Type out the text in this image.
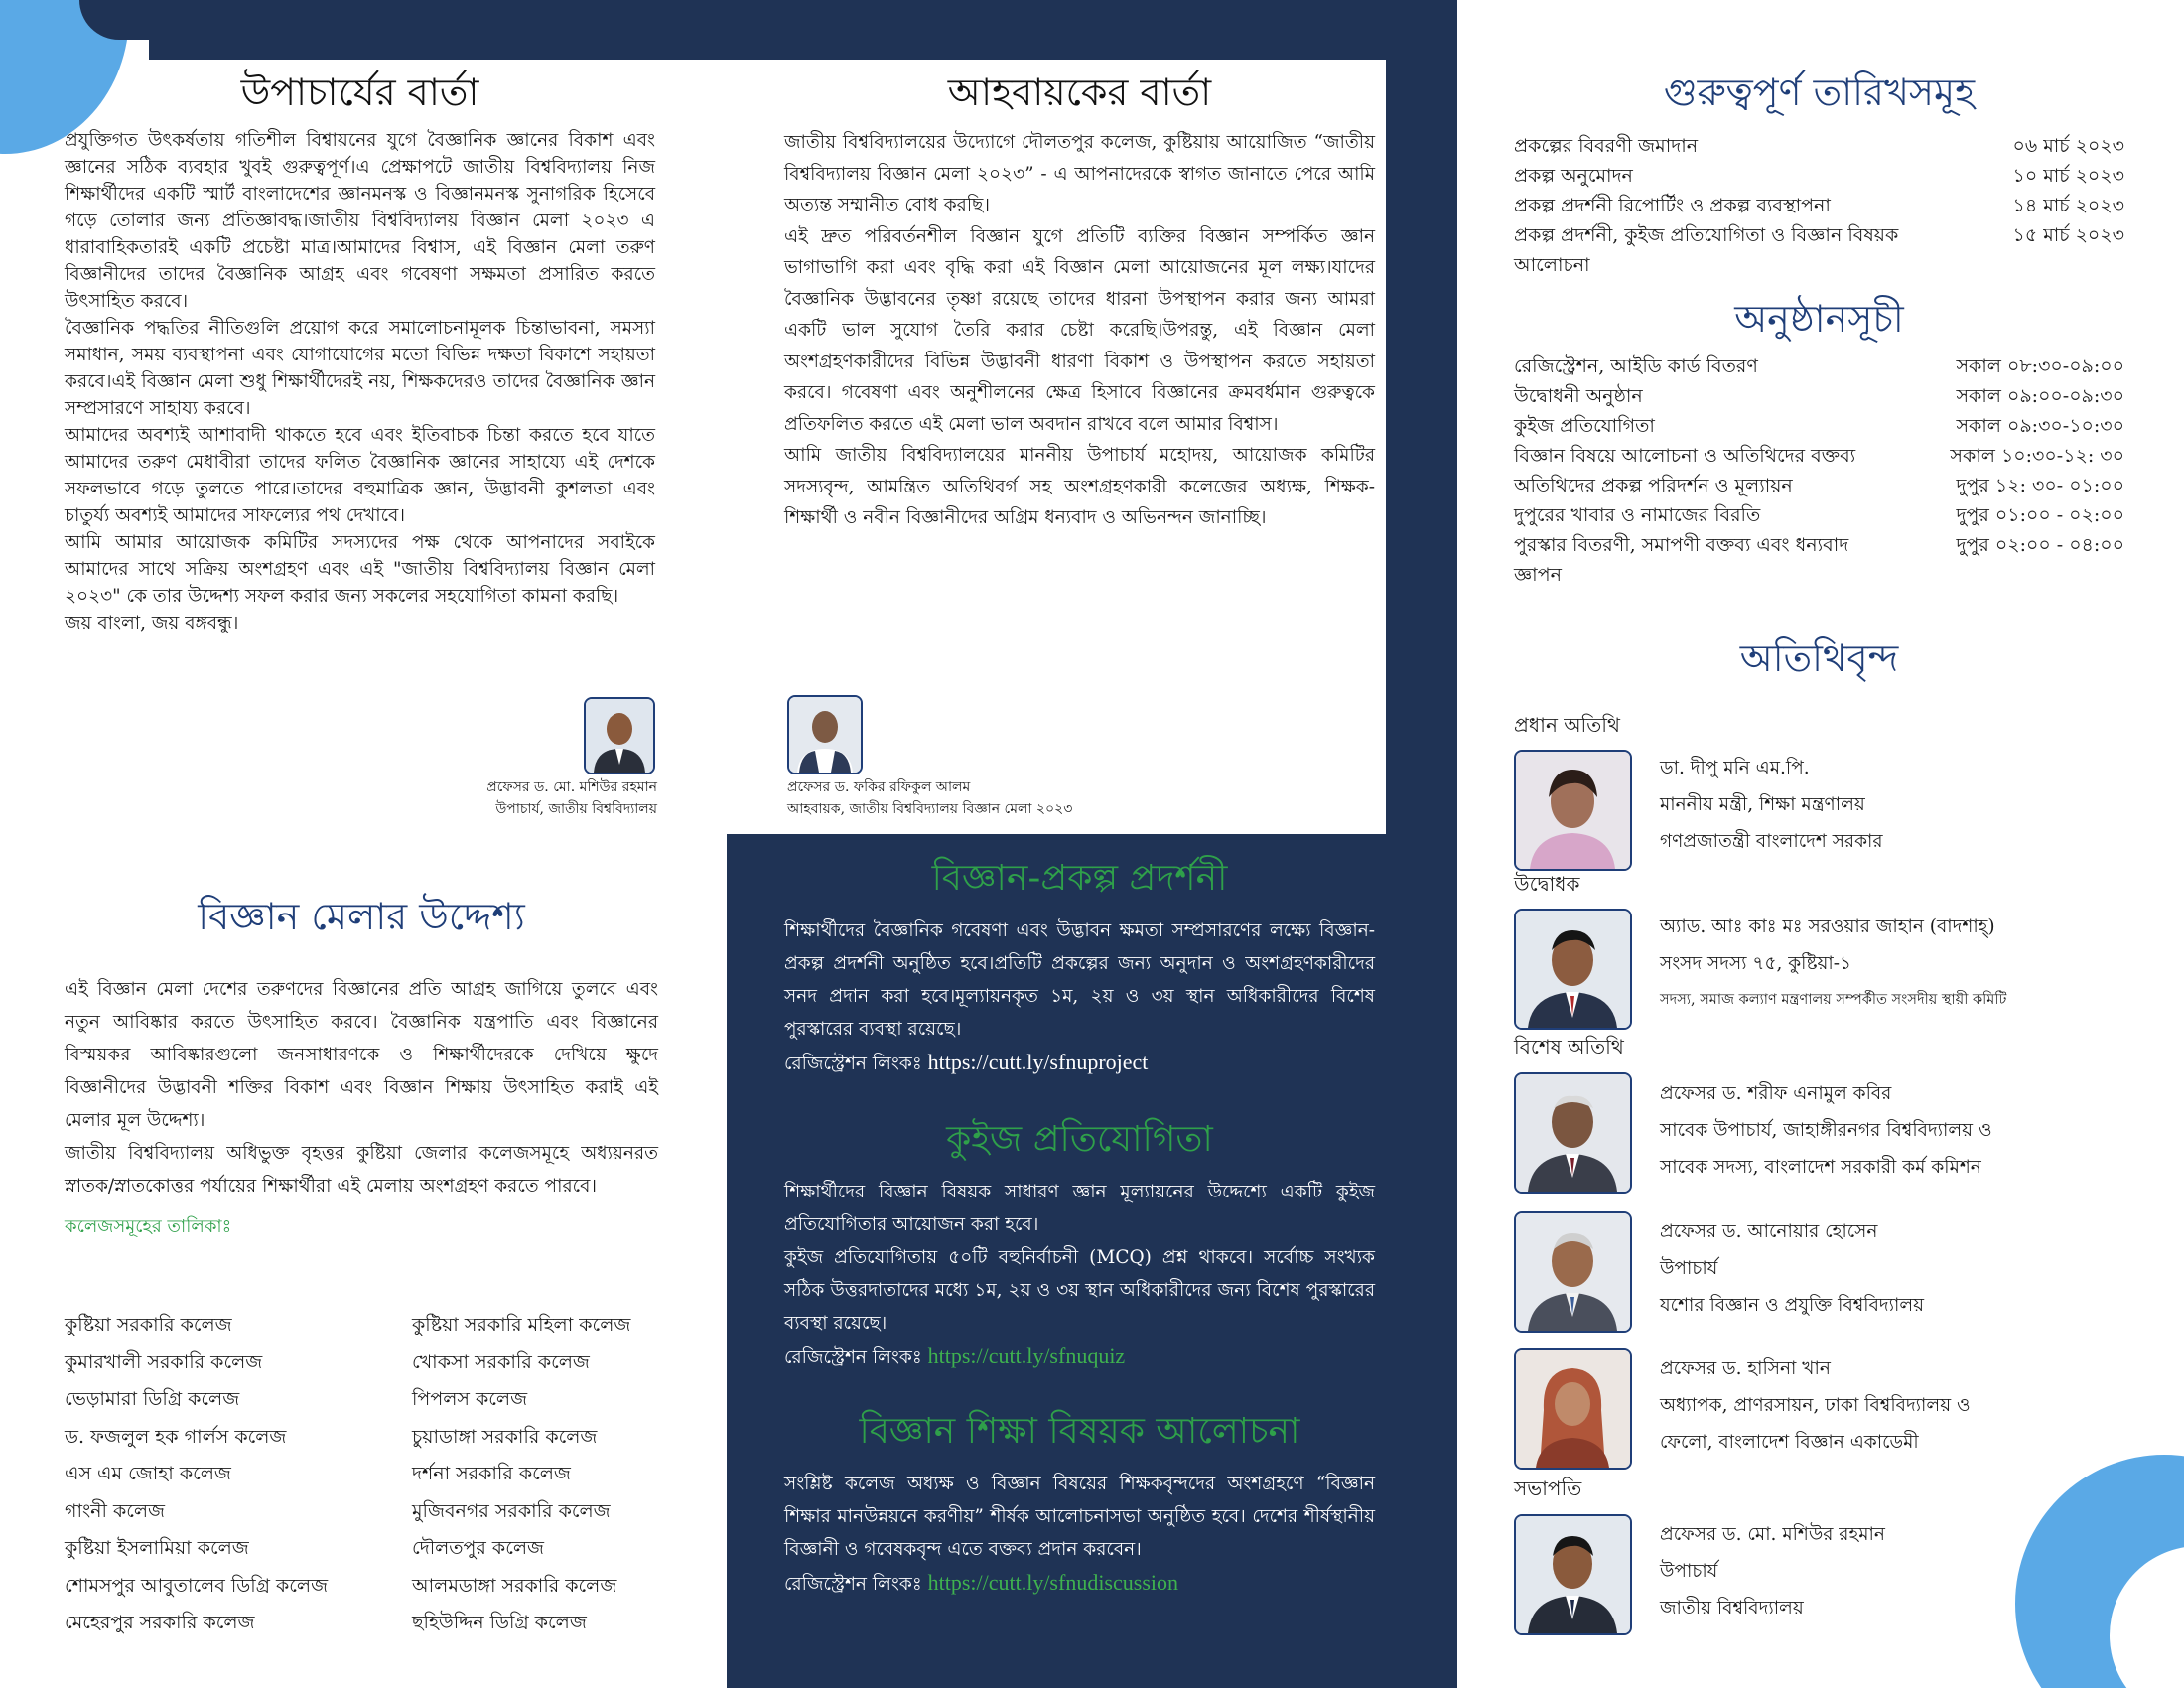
উপাচার্যের বার্তা

প্রযুক্তিগত উৎকর্ষতায় গতিশীল বিশ্বায়নের যুগে বৈজ্ঞানিক জ্ঞানের বিকাশ এবং জ্ঞানের সঠিক ব্যবহার খুবই গুরুত্বপূর্ণ।এ প্রেক্ষাপটে জাতীয় বিশ্ববিদ্যালয় নিজ শিক্ষার্থীদের একটি স্মার্ট বাংলাদেশের জ্ঞানমনস্ক ও বিজ্ঞানমনস্ক সুনাগরিক হিসেবে গড়ে তোলার জন্য প্রতিজ্ঞাবদ্ধ।জাতীয় বিশ্ববিদ্যালয় বিজ্ঞান মেলা ২০২৩ এ ধারাবাহিকতারই একটি প্রচেষ্টা মাত্র।আমাদের বিশ্বাস, এই বিজ্ঞান মেলা তরুণ বিজ্ঞানীদের তাদের বৈজ্ঞানিক আগ্রহ এবং গবেষণা সক্ষমতা প্রসারিত করতে উৎসাহিত করবে।

বৈজ্ঞানিক পদ্ধতির নীতিগুলি প্রয়োগ করে সমালোচনামূলক চিন্তাভাবনা, সমস্যা সমাধান, সময় ব্যবস্থাপনা এবং যোগাযোগের মতো বিভিন্ন দক্ষতা বিকাশে সহায়তা করবে।এই বিজ্ঞান মেলা শুধু শিক্ষার্থীদেরই নয়, শিক্ষকদেরও তাদের বৈজ্ঞানিক জ্ঞান সম্প্রসারণে সাহায্য করবে।

আমাদের অবশ্যই আশাবাদী থাকতে হবে এবং ইতিবাচক চিন্তা করতে হবে যাতে আমাদের তরুণ মেধাবীরা তাদের ফলিত বৈজ্ঞানিক জ্ঞানের সাহায্যে এই দেশকে সফলভাবে গড়ে তুলতে পারে।তাদের বহুমাত্রিক জ্ঞান, উদ্ভাবনী কুশলতা এবং চাতুর্য্য অবশ্যই আমাদের সাফল্যের পথ দেখাবে।

আমি আমার আয়োজক কমিটির সদস্যদের পক্ষ থেকে আপনাদের সবাইকে আমাদের সাথে সক্রিয় অংশগ্রহণ এবং এই "জাতীয় বিশ্ববিদ্যালয় বিজ্ঞান মেলা ২০২৩" কে তার উদ্দেশ্য সফল করার জন্য সকলের সহযোগিতা কামনা করছি।

জয় বাংলা, জয় বঙ্গবন্ধু।

প্রফেসর ড. মো. মশিউর রহমান

উপাচার্য, জাতীয় বিশ্ববিদ্যালয়

আহবায়কের বার্তা

জাতীয় বিশ্ববিদ্যালয়ের উদ্যোগে দৌলতপুর কলেজ, কুষ্টিয়ায় আয়োজিত “জাতীয় বিশ্ববিদ্যালয় বিজ্ঞান মেলা ২০২৩” - এ আপনাদেরকে স্বাগত জানাতে পেরে আমি অত্যন্ত সম্মানীত বোধ করছি।

এই দ্রুত পরিবর্তনশীল বিজ্ঞান যুগে প্রতিটি ব্যক্তির বিজ্ঞান সম্পর্কিত জ্ঞান ভাগাভাগি করা এবং বৃদ্ধি করা এই বিজ্ঞান মেলা আয়োজনের মূল লক্ষ্য।যাদের বৈজ্ঞানিক উদ্ভাবনের তৃষ্ণা রয়েছে তাদের ধারনা উপস্থাপন করার জন্য আমরা একটি ভাল সুযোগ তৈরি করার চেষ্টা করেছি।উপরন্তু, এই বিজ্ঞান মেলা অংশগ্রহণকারীদের বিভিন্ন উদ্ভাবনী ধারণা বিকাশ ও উপস্থাপন করতে সহায়তা করবে। গবেষণা এবং অনুশীলনের ক্ষেত্র হিসাবে বিজ্ঞানের ক্রমবর্ধমান গুরুত্বকে প্রতিফলিত করতে এই মেলা ভাল অবদান রাখবে বলে আমার বিশ্বাস।

আমি জাতীয় বিশ্ববিদ্যালয়ের মাননীয় উপাচার্য মহোদয়, আয়োজক কমিটির সদস্যবৃন্দ, আমন্ত্রিত অতিথিবর্গ সহ অংশগ্রহণকারী কলেজের অধ্যক্ষ, শিক্ষক-শিক্ষার্থী ও নবীন বিজ্ঞানীদের অগ্রিম ধন্যবাদ ও অভিনন্দন জানাচ্ছি।

প্রফেসর ড. ফকির রফিকুল আলম

আহবায়ক, জাতীয় বিশ্ববিদ্যালয় বিজ্ঞান মেলা ২০২৩

বিজ্ঞান মেলার উদ্দেশ্য

এই বিজ্ঞান মেলা দেশের তরুণদের বিজ্ঞানের প্রতি আগ্রহ জাগিয়ে তুলবে এবং নতুন আবিষ্কার করতে উৎসাহিত করবে। বৈজ্ঞানিক যন্ত্রপাতি এবং বিজ্ঞানের বিস্ময়কর আবিষ্কারগুলো জনসাধারণকে ও শিক্ষার্থীদেরকে দেখিয়ে ক্ষুদে বিজ্ঞানীদের উদ্ভাবনী শক্তির বিকাশ এবং বিজ্ঞান শিক্ষায় উৎসাহিত করাই এই মেলার মূল উদ্দেশ্য।

জাতীয় বিশ্ববিদ্যালয় অধিভুক্ত বৃহত্তর কুষ্টিয়া জেলার কলেজসমূহে অধ্যয়নরত স্নাতক/স্নাতকোত্তর পর্যায়ের শিক্ষার্থীরা এই মেলায় অংশগ্রহণ করতে পারবে।

কলেজসমূহের তালিকাঃ

কুষ্টিয়া সরকারি কলেজ
কুমারখালী সরকারি কলেজ
ভেড়ামারা ডিগ্রি কলেজ
ড. ফজলুল হক গার্লস কলেজ
এস এম জোহা কলেজ
গাংনী কলেজ
কুষ্টিয়া ইসলামিয়া কলেজ
শোমসপুর আবুতালেব ডিগ্রি কলেজ
মেহেরপুর সরকারি কলেজ
কুষ্টিয়া সরকারি মহিলা কলেজ
খোকসা সরকারি কলেজ
পিপলস কলেজ
চুয়াডাঙ্গা সরকারি কলেজ
দর্শনা সরকারি কলেজ
মুজিবনগর সরকারি কলেজ
দৌলতপুর কলেজ
আলমডাঙ্গা সরকারি কলেজ
ছহিউদ্দিন ডিগ্রি কলেজ
বিজ্ঞান-প্রকল্প প্রদর্শনী

শিক্ষার্থীদের বৈজ্ঞানিক গবেষণা এবং উদ্ভাবন ক্ষমতা সম্প্রসারণের লক্ষ্যে বিজ্ঞান-প্রকল্প প্রদর্শনী অনুষ্ঠিত হবে।প্রতিটি প্রকল্পের জন্য অনুদান ও অংশগ্রহণকারীদের সনদ প্রদান করা হবে।মূল্যায়নকৃত ১ম, ২য় ও ৩য় স্থান অধিকারীদের বিশেষ পুরস্কারের ব্যবস্থা রয়েছে।

রেজিস্ট্রেশন লিংকঃ https://cutt.ly/sfnuproject

কুইজ প্রতিযোগিতা

শিক্ষার্থীদের বিজ্ঞান বিষয়ক সাধারণ জ্ঞান মূল্যায়নের উদ্দেশ্যে একটি কুইজ প্রতিযোগিতার আয়োজন করা হবে।

কুইজ প্রতিযোগিতায় ৫০টি বহুনির্বাচনী (MCQ) প্রশ্ন থাকবে। সর্বোচ্চ সংখ্যক সঠিক উত্তরদাতাদের মধ্যে ১ম, ২য় ও ৩য় স্থান অধিকারীদের জন্য বিশেষ পুরস্কারের ব্যবস্থা রয়েছে।

রেজিস্ট্রেশন লিংকঃ https://cutt.ly/sfnuquiz

বিজ্ঞান শিক্ষা বিষয়ক আলোচনা

সংশ্লিষ্ট কলেজ অধ্যক্ষ ও বিজ্ঞান বিষয়ের শিক্ষকবৃন্দদের অংশগ্রহণে “বিজ্ঞান শিক্ষার মানউন্নয়নে করণীয়” শীর্ষক আলোচনাসভা অনুষ্ঠিত হবে। দেশের শীর্ষস্থানীয় বিজ্ঞানী ও গবেষকবৃন্দ এতে বক্তব্য প্রদান করবেন।

রেজিস্ট্রেশন লিংকঃ https://cutt.ly/sfnudiscussion

গুরুত্বপূর্ণ তারিখসমূহ
প্রকল্পের বিবরণী জমাদান	০৬ মার্চ ২০২৩
প্রকল্প অনুমোদন	১০ মার্চ ২০২৩
প্রকল্প প্রদর্শনী রিপোর্টিং ও প্রকল্প ব্যবস্থাপনা	১৪ মার্চ ২০২৩
প্রকল্প প্রদর্শনী, কুইজ প্রতিযোগিতা ও বিজ্ঞান বিষয়ক আলোচনা
১৫ মার্চ ২০২৩
অনুষ্ঠানসূচী
রেজিস্ট্রেশন, আইডি কার্ড বিতরণ	সকাল ০৮:৩০-০৯:০০
উদ্বোধনী অনুষ্ঠান	সকাল ০৯:০০-০৯:৩০
কুইজ প্রতিযোগিতা	সকাল ০৯:৩০-১০:৩০
বিজ্ঞান বিষয়ে আলোচনা ও অতিথিদের বক্তব্য	সকাল ১০:৩০-১২: ৩০
অতিথিদের প্রকল্প পরিদর্শন ও মূল্যায়ন	দুপুর ১২: ৩০- ০১:০০
দুপুরের খাবার ও নামাজের বিরতি	দুপুর ০১:০০ - ০২:০০
পুরস্কার বিতরণী, সমাপণী বক্তব্য এবং ধন্যবাদ জ্ঞাপন
দুপুর ০২:০০ - ০৪:০০
অতিথিবৃন্দ
প্রধান অতিথি
উদ্বোধক
বিশেষ অতিথি
সভাপতি
ডা. দীপু মনি এম.পি.
মাননীয় মন্ত্রী, শিক্ষা মন্ত্রণালয়
গণপ্রজাতন্ত্রী বাংলাদেশ সরকার
অ্যাড. আঃ কাঃ মঃ সরওয়ার জাহান (বাদশাহ্)
সংসদ সদস্য ৭৫, কুষ্টিয়া-১
সদস্য, সমাজ কল্যাণ মন্ত্রণালয় সম্পর্কীত সংসদীয় স্থায়ী কমিটি
প্রফেসর ড. শরীফ এনামুল কবির
সাবেক উপাচার্য, জাহাঙ্গীরনগর বিশ্ববিদ্যালয় ও
সাবেক সদস্য, বাংলাদেশ সরকারী কর্ম কমিশন
প্রফেসর ড. আনোয়ার হোসেন
উপাচার্য
যশোর বিজ্ঞান ও প্রযুক্তি বিশ্ববিদ্যালয়
প্রফেসর ড. হাসিনা খান
অধ্যাপক, প্রাণরসায়ন, ঢাকা বিশ্ববিদ্যালয় ও
ফেলো, বাংলাদেশ বিজ্ঞান একাডেমী
প্রফেসর ড. মো. মশিউর রহমান
উপাচার্য
জাতীয় বিশ্ববিদ্যালয়
